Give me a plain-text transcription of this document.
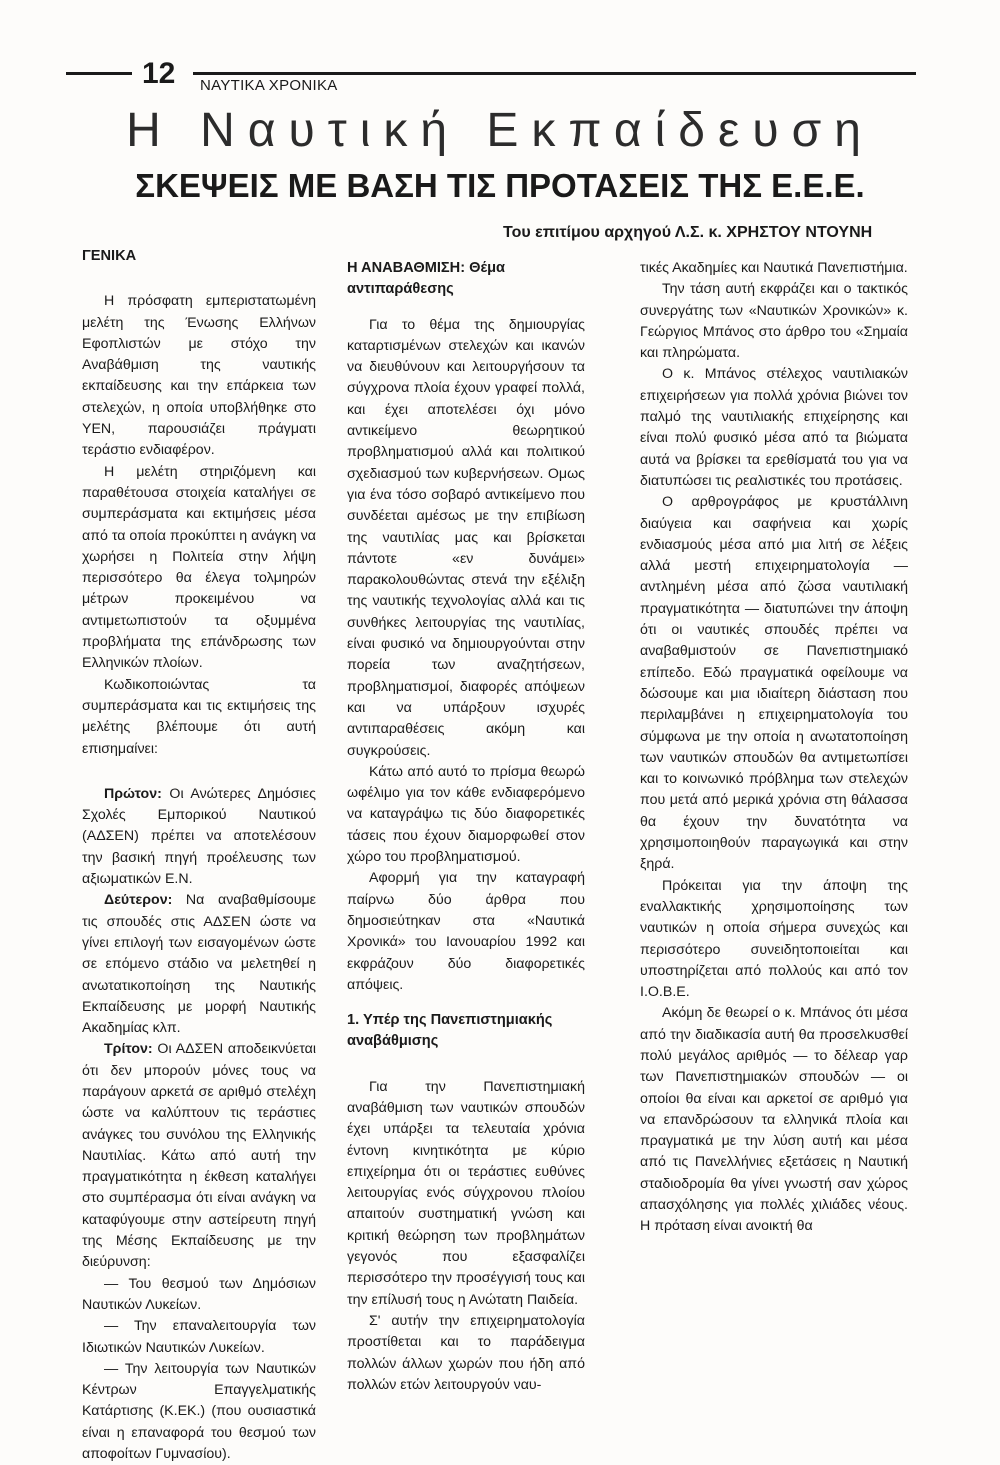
12 ΝΑΥΤΙΚΑ ΧΡΟΝΙΚΑ
Η Ναυτική Εκπαίδευση
ΣΚΕΨΕΙΣ ΜΕ ΒΑΣΗ ΤΙΣ ΠΡΟΤΑΣΕΙΣ ΤΗΣ Ε.Ε.Ε.
Του επιτίμου αρχηγού Λ.Σ. κ. ΧΡΗΣΤΟΥ ΝΤΟΥΝΗ
ΓΕΝΙΚΑ

Η πρόσφατη εμπεριστατωμένη μελέτη της Ένωσης Ελλήνων Εφοπλιστών με στόχο την Αναβάθμιση της ναυτικής εκπαίδευσης και την επάρκεια των στελεχών, η οποία υποβλήθηκε στο ΥΕΝ, παρουσιάζει πράγματι τεράστιο ενδιαφέρον.

Η μελέτη στηριζόμενη και παραθέτουσα στοιχεία καταλήγει σε συμπεράσματα και εκτιμήσεις μέσα από τα οποία προκύπτει η ανάγκη να χωρήσει η Πολιτεία στην λήψη περισσότερο θα έλεγα τολμηρών μέτρων προκειμένου να αντιμετωπιστούν τα οξυμμένα προβλήματα της επάνδρωσης των Ελληνικών πλοίων.

Κωδικοποιώντας τα συμπεράσματα και τις εκτιμήσεις της μελέτης βλέπουμε ότι αυτή επισημαίνει:

Πρώτον: Οι Ανώτερες Δημόσιες Σχολές Εμπορικού Ναυτικού (ΑΔΣΕΝ) πρέπει να αποτελέσουν την βασική πηγή προέλευσης των αξιωματικών Ε.Ν.

Δεύτερον: Να αναβαθμίσουμε τις σπουδές στις ΑΔΣΕΝ ώστε να γίνει επιλογή των εισαγομένων ώστε σε επόμενο στάδιο να μελετηθεί η ανωτατικοποίηση της Ναυτικής Εκπαίδευσης με μορφή Ναυτικής Ακαδημίας κλπ.

Τρίτον: Οι ΑΔΣΕΝ αποδεικνύεται ότι δεν μπορούν μόνες τους να παράγουν αρκετά σε αριθμό στελέχη ώστε να καλύπτουν τις τεράστιες ανάγκες του συνόλου της Ελληνικής Ναυτιλίας. Κάτω από αυτή την πραγματικότητα η έκθεση καταλήγει στο συμπέρασμα ότι είναι ανάγκη να καταφύγουμε στην αστείρευτη πηγή της Μέσης Εκπαίδευσης με την διεύρυνση:

— Του θεσμού των Δημόσιων Ναυτικών Λυκείων.

— Την επαναλειτουργία των Ιδιωτικών Ναυτικών Λυκείων.

— Την λειτουργία των Ναυτικών Κέντρων Επαγγελματικής Κατάρτισης (Κ.ΕΚ.) (που ουσιαστικά είναι η επαναφορά του θεσμού των αποφοίτων Γυμνασίου).

Η ΑΝΑΒΑΘΜΙΣΗ: Θέμα αντιπαράθεσης

Για το θέμα της δημιουργίας καταρτισμένων στελεχών και ικανών να διευθύνουν και λειτουργήσουν τα σύγχρονα πλοία έχουν γραφεί πολλά, και έχει αποτελέσει όχι μόνο αντικείμενο θεωρητικού προβληματισμού αλλά και πολιτικού σχεδιασμού των κυβερνήσεων. Ομως για ένα τόσο σοβαρό αντικείμενο που συνδέεται αμέσως με την επιβίωση της ναυτιλίας μας και βρίσκεται πάντοτε «εν δυνάμει» παρακολουθώντας στενά την εξέλιξη της ναυτικής τεχνολογίας αλλά και τις συνθήκες λειτουργίας της ναυτιλίας, είναι φυσικό να δημιουργούνται στην πορεία των αναζητήσεων, προβληματισμοί, διαφορές απόψεων και να υπάρξουν ισχυρές αντιπαραθέσεις ακόμη και συγκρούσεις.

Κάτω από αυτό το πρίσμα θεωρώ ωφέλιμο για τον κάθε ενδιαφερόμενο να καταγράψω τις δύο διαφορετικές τάσεις που έχουν διαμορφωθεί στον χώρο του προβληματισμού.

Αφορμή για την καταγραφή παίρνω δύο άρθρα που δημοσιεύτηκαν στα «Ναυτικά Χρονικά» του Ιανουαρίου 1992 και εκφράζουν δύο διαφορετικές απόψεις.

1. Υπέρ της Πανεπιστημιακής αναβάθμισης

Για την Πανεπιστημιακή αναβάθμιση των ναυτικών σπουδών έχει υπάρξει τα τελευταία χρόνια έντονη κινητικότητα με κύριο επιχείρημα ότι οι τεράστιες ευθύνες λειτουργίας ενός σύγχρονου πλοίου απαιτούν συστηματική γνώση και κριτική θεώρηση των προβλημάτων γεγονός που εξασφαλίζει περισσότερο την προσέγγισή τους και την επίλυσή τους η Ανώτατη Παιδεία.

Σ' αυτήν την επιχειρηματολογία προστίθεται και το παράδειγμα πολλών άλλων χωρών που ήδη από πολλών ετών λειτουργούν ναυ-

τικές Ακαδημίες και Ναυτικά Πανεπιστήμια.

Την τάση αυτή εκφράζει και ο τακτικός συνεργάτης των «Ναυτικών Χρονικών» κ. Γεώργιος Μπάνος στο άρθρο του «Σημαία και πληρώματα.

Ο κ. Μπάνος στέλεχος ναυτιλιακών επιχειρήσεων για πολλά χρόνια βιώνει τον παλμό της ναυτιλιακής επιχείρησης και είναι πολύ φυσικό μέσα από τα βιώματα αυτά να βρίσκει τα ερεθίσματά του για να διατυπώσει τις ρεαλιστικές του προτάσεις.

Ο αρθρογράφος με κρυστάλλινη διαύγεια και σαφήνεια και χωρίς ενδιασμούς μέσα από μια λιτή σε λέξεις αλλά μεστή επιχειρηματολογία — αντλημένη μέσα από ζώσα ναυτιλιακή πραγματικότητα — διατυπώνει την άποψη ότι οι ναυτικές σπουδές πρέπει να αναβαθμιστούν σε Πανεπιστημιακό επίπεδο. Εδώ πραγματικά οφείλουμε να δώσουμε και μια ιδιαίτερη διάσταση που περιλαμβάνει η επιχειρηματολογία του σύμφωνα με την οποία η ανωτατοποίηση των ναυτικών σπουδών θα αντιμετωπίσει και το κοινωνικό πρόβλημα των στελεχών που μετά από μερικά χρόνια στη θάλασσα θα έχουν την δυνατότητα να χρησιμοποιηθούν παραγωγικά και στην ξηρά.

Πρόκειται για την άποψη της εναλλακτικής χρησιμοποίησης των ναυτικών η οποία σήμερα συνεχώς και περισσότερο συνειδητοποιείται και υποστηρίζεται από πολλούς και από τον Ι.Ο.Β.Ε.

Ακόμη δε θεωρεί ο κ. Μπάνος ότι μέσα από την διαδικασία αυτή θα προσελκυσθεί πολύ μεγάλος αριθμός — το δέλεαρ γαρ των Πανεπιστημιακών σπουδών — οι οποίοι θα είναι και αρκετοί σε αριθμό για να επανδρώσουν τα ελληνικά πλοία και πραγματικά με την λύση αυτή και μέσα από τις Πανελλήνιες εξετάσεις η Ναυτική σταδιοδρομία θα γίνει γνωστή σαν χώρος απασχόλησης για πολλές χιλιάδες νέους. Η πρόταση είναι ανοικτή θα
